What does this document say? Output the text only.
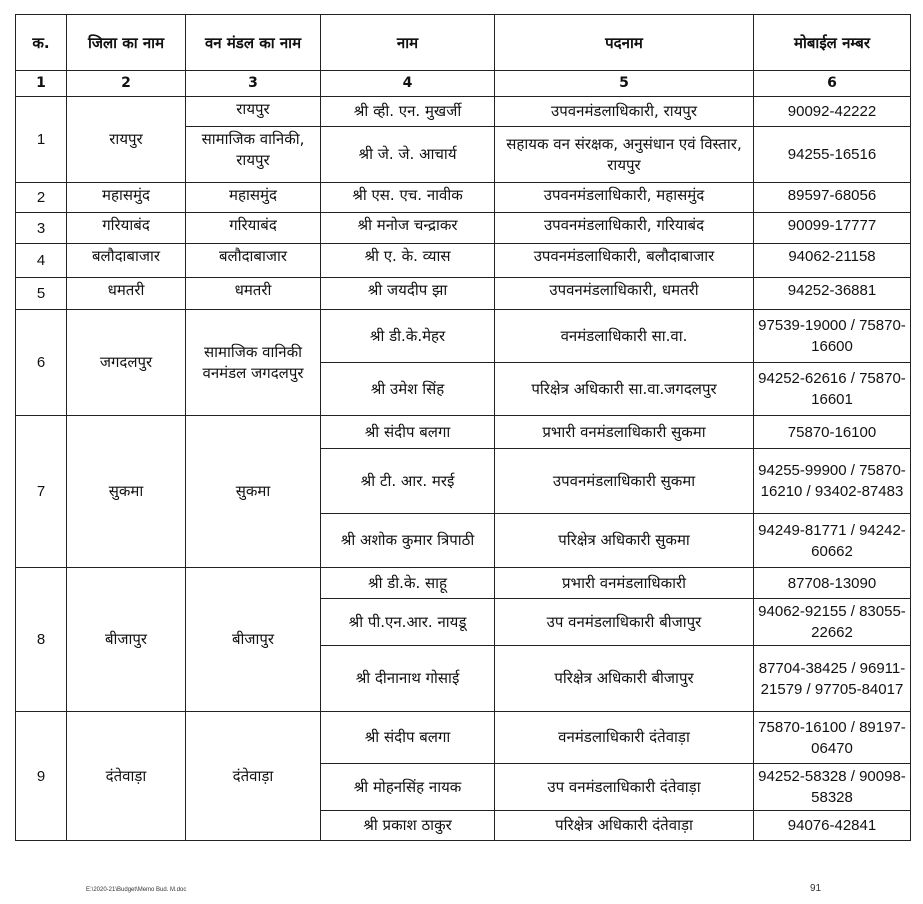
क.	जिला का नाम	वन मंडल का नाम	नाम	पदनाम	मोबाईल नम्बर
1	2	3	4	5	6
1	रायपुर	रायपुर	श्री व्ही. एन. मुखर्जी	उपवनमंडलाधिकारी, रायपुर	90092-42222
		सामाजिक वानिकी, रायपुर	श्री जे. जे. आचार्य	सहायक वन संरक्षक, अनुसंधान एवं विस्तार, रायपुर	94255-16516
2	महासमुंद	महासमुंद	श्री एस. एच. नावीक	उपवनमंडलाधिकारी, महासमुंद	89597-68056
3	गरियाबंद	गरियाबंद	श्री मनोज चन्द्राकर	उपवनमंडलाधिकारी, गरियाबंद	90099-17777
4	बलौदाबाजार	बलौदाबाजार	श्री ए. के. व्यास	उपवनमंडलाधिकारी, बलौदाबाजार	94062-21158
5	धमतरी	धमतरी	श्री जयदीप झा	उपवनमंडलाधिकारी, धमतरी	94252-36881
6	जगदलपुर	सामाजिक वानिकी वनमंडल जगदलपुर	श्री डी.के.मेहर	वनमंडलाधिकारी सा.वा.	97539-19000 / 75870-16600
			श्री उमेश सिंह	परिक्षेत्र अधिकारी सा.वा.जगदलपुर	94252-62616 / 75870-16601
7	सुकमा	सुकमा	श्री संदीप बलगा	प्रभारी वनमंडलाधिकारी सुकमा	75870-16100
			श्री टी. आर. मरई	उपवनमंडलाधिकारी सुकमा	94255-99900 / 75870-16210 / 93402-87483
			श्री अशोक कुमार त्रिपाठी	परिक्षेत्र अधिकारी सुकमा	94249-81771 / 94242-60662
8	बीजापुर	बीजापुर	श्री डी.के. साहू	प्रभारी वनमंडलाधिकारी	87708-13090
			श्री पी.एन.आर. नायडू	उप वनमंडलाधिकारी बीजापुर	94062-92155 / 83055-22662
			श्री दीनानाथ गोसाई	परिक्षेत्र अधिकारी बीजापुर	87704-38425 / 96911-21579 / 97705-84017
9	दंतेवाड़ा	दंतेवाड़ा	श्री संदीप बलगा	वनमंडलाधिकारी दंतेवाड़ा	75870-16100 / 89197-06470
			श्री मोहनसिंह नायक	उप वनमंडलाधिकारी दंतेवाड़ा	94252-58328 / 90098-58328
			श्री प्रकाश ठाकुर	परिक्षेत्र अधिकारी दंतेवाड़ा	94076-42841
E:\2020-21\Budget\Memo Bud. M.doc	91
